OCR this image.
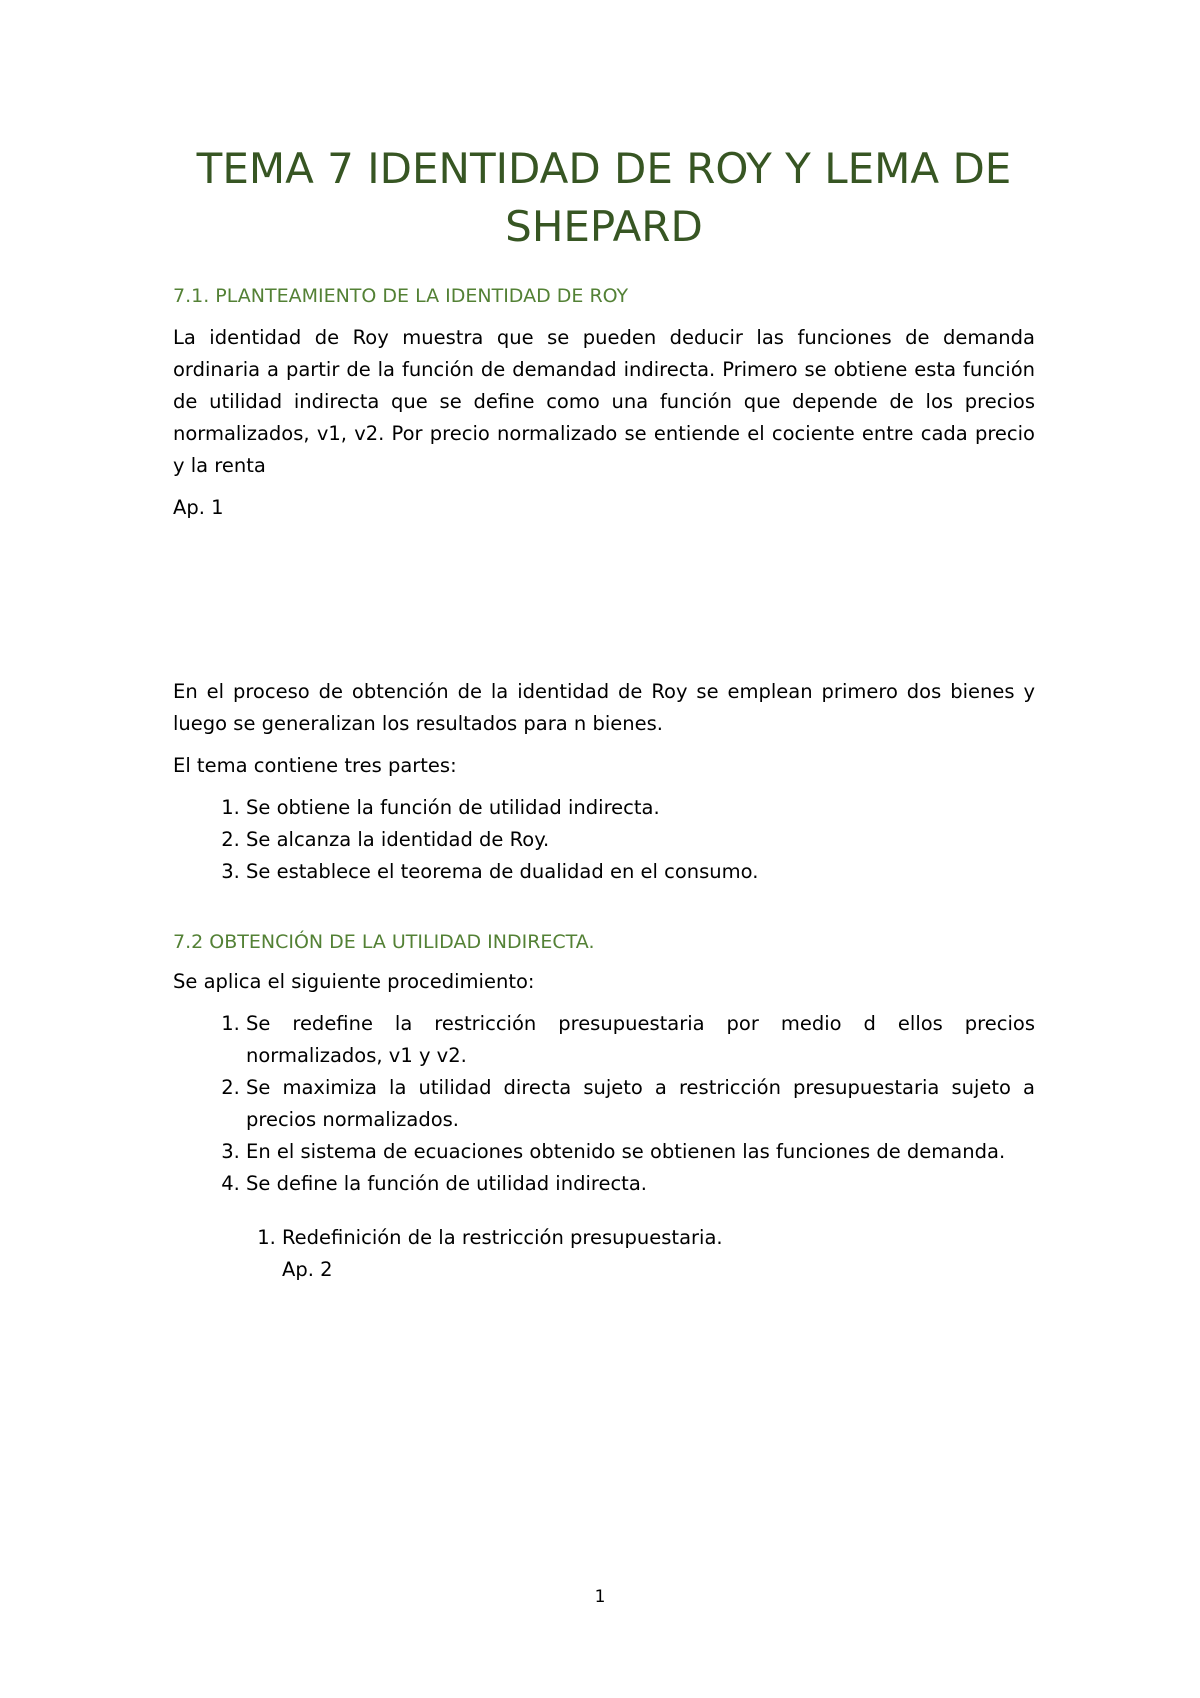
TEMA 7 IDENTIDAD DE ROY Y LEMA DE SHEPARD
7.1. PLANTEAMIENTO DE LA IDENTIDAD DE ROY

La identidad de Roy muestra que se pueden deducir las funciones de demanda ordinaria a partir de la función de demandad indirecta. Primero se obtiene esta función de utilidad indirecta que se define como una función que depende de los precios normalizados, v1, v2. Por precio normalizado se entiende el cociente entre cada precio y la renta

Ap. 1

En el proceso de obtención de la identidad de Roy se emplean primero dos bienes y luego se generalizan los resultados para n bienes.

El tema contiene tres partes:

1. Se obtiene la función de utilidad indirecta.
2. Se alcanza la identidad de Roy.
3. Se establece el teorema de dualidad en el consumo.
7.2 OBTENCIÓN DE LA UTILIDAD INDIRECTA.

Se aplica el siguiente procedimiento:

1. Se redefine la restricción presupuestaria por medio d ellos precios normalizados, v1 y v2.
2. Se maximiza la utilidad directa sujeto a restricción presupuestaria sujeto a precios normalizados.
3. En el sistema de ecuaciones obtenido se obtienen las funciones de demanda.
4. Se define la función de utilidad indirecta.
1. Redefinición de la restricción presupuestaria.
Ap. 2
1
